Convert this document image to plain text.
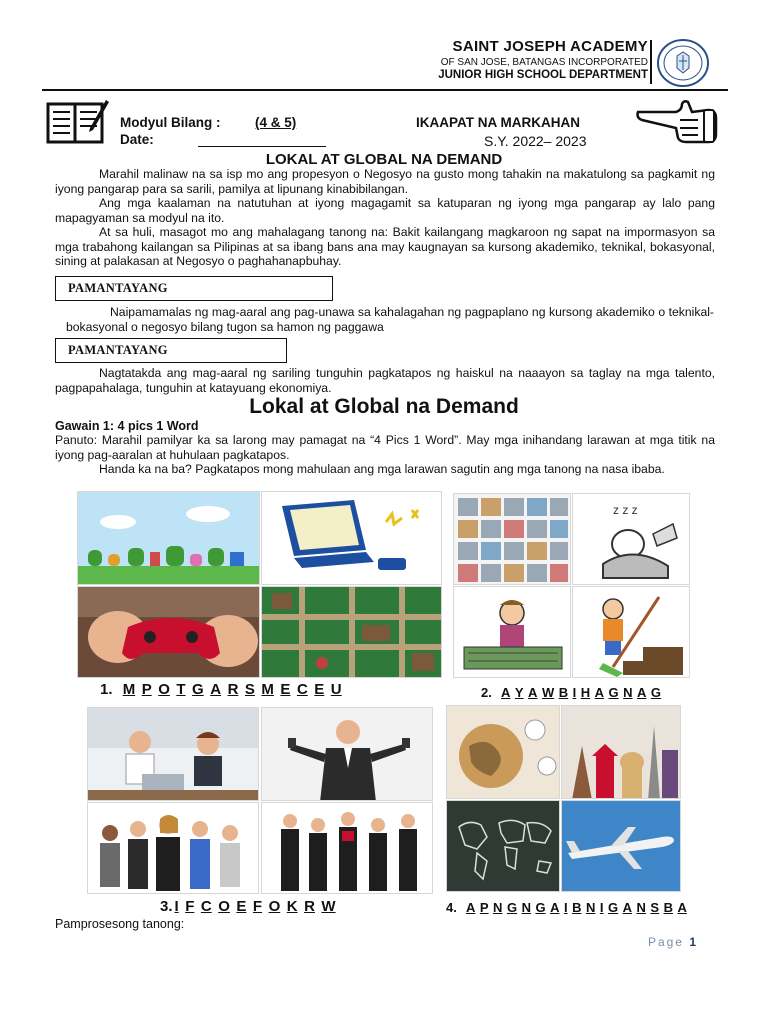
SAINT JOSEPH ACADEMY
OF SAN JOSE, BATANGAS INCORPORATED
JUNIOR HIGH SCHOOL DEPARTMENT
Modyul Bilang :	(4 & 5)
Date:
IKAAPAT NA MARKAHAN
S.Y. 2022– 2023
LOKAL AT GLOBAL NA DEMAND

Marahil malinaw na sa isp mo ang propesyon o Negosyo na gusto mong tahakin na makatulong sa pagkamit ng iyong pangarap para sa sarili, pamilya at lipunang kinabibilangan.

Ang mga kaalaman na natutuhan at iyong magagamit sa katuparan ng iyong mga pangarap ay lalo pang mapagyaman sa modyul na ito.

At sa huli, masagot mo ang mahalagang tanong na: Bakit kailangang magkaroon ng sapat na impormasyon sa mga trabahong kailangan sa Pilipinas at sa ibang bans ana may kaugnayan sa kursong akademiko, teknikal, bokasyonal, sining at palakasan at Negosyo o paghahanapbuhay.

PAMANTAYANG

Naipamamalas ng mag-aaral ang pag-unawa sa kahalagahan ng pagpaplano ng kursong akademiko o teknikal-bokasyonal o negosyo bilang tugon sa hamon ng paggawa

PAMANTAYANG

Nagtatakda ang mag-aaral ng sariling tunguhin pagkatapos ng haiskul na naaayon sa taglay na mga talento, pagpapahalaga, tunguhin at katayuang ekonomiya.

Lokal at Global na Demand
Gawain 1: 4 pics 1 Word

Panuto: Marahil pamilyar ka sa larong may pamagat na “4 Pics 1 Word”. May mga inihandang larawan at mga titik na iyong pag-aaralan at huhulaan pagkatapos.

Handa ka na ba? Pagkatapos mong mahulaan ang mga larawan sagutin ang mga tanong na nasa ibaba.

1. M P O T G A R S M E C E U
z z z
2. A Y A W B I H A G N A G
3. I F C O E F O K R W	4. A P N G N G A I B N I G A N S B A
Pamprosesong tanong:
Page 1
